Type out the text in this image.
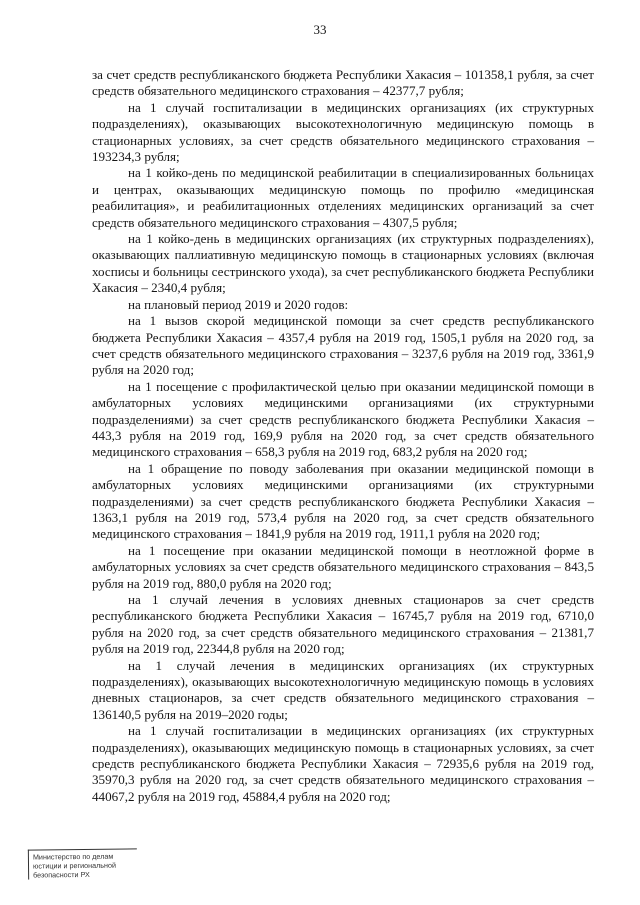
33

за счет средств республиканского бюджета Республики Хакасия – 101358,1 рубля, за счет средств обязательного медицинского страхования – 42377,7 рубля;

на 1 случай госпитализации в медицинских организациях (их структурных подразделениях), оказывающих высокотехнологичную медицинскую помощь в стационарных условиях, за счет средств обязательного медицинского страхования – 193234,3 рубля;

на 1 койко-день по медицинской реабилитации в специализированных больницах и центрах, оказывающих медицинскую помощь по профилю «медицинская реабилитация», и реабилитационных отделениях медицинских организаций за счет средств обязательного медицинского страхования – 4307,5 рубля;

на 1 койко-день в медицинских организациях (их структурных подразделениях), оказывающих паллиативную медицинскую помощь в стационарных условиях (включая хосписы и больницы сестринского ухода), за счет республиканского бюджета Республики Хакасия – 2340,4 рубля;

на плановый период 2019 и 2020 годов:

на 1 вызов скорой медицинской помощи за счет средств республиканского бюджета Республики Хакасия – 4357,4 рубля на 2019 год, 1505,1 рубля на 2020 год, за счет средств обязательного медицинского страхования – 3237,6 рубля на 2019 год, 3361,9 рубля на 2020 год;

на 1 посещение с профилактической целью при оказании медицинской помощи в амбулаторных условиях медицинскими организациями (их структурными подразделениями) за счет средств республиканского бюджета Республики Хакасия – 443,3 рубля на 2019 год, 169,9 рубля на 2020 год, за счет средств обязательного медицинского страхования – 658,3 рубля на 2019 год, 683,2 рубля на 2020 год;

на 1 обращение по поводу заболевания при оказании медицинской помощи в амбулаторных условиях медицинскими организациями (их структурными подразделениями) за счет средств республиканского бюджета Республики Хакасия – 1363,1 рубля на 2019 год, 573,4 рубля на 2020 год, за счет средств обязательного медицинского страхования – 1841,9 рубля на 2019 год, 1911,1 рубля на 2020 год;

на 1 посещение при оказании медицинской помощи в неотложной форме в амбулаторных условиях за счет средств обязательного медицинского страхования – 843,5 рубля на 2019 год, 880,0 рубля на 2020 год;

на 1 случай лечения в условиях дневных стационаров за счет средств республиканского бюджета Республики Хакасия – 16745,7 рубля на 2019 год, 6710,0 рубля на 2020 год, за счет средств обязательного медицинского страхования – 21381,7 рубля на 2019 год, 22344,8 рубля на 2020 год;

на 1 случай лечения в медицинских организациях (их структурных подразделениях), оказывающих высокотехнологичную медицинскую помощь в условиях дневных стационаров, за счет средств обязательного медицинского страхования – 136140,5 рубля на 2019–2020 годы;

на 1 случай госпитализации в медицинских организациях (их структурных подразделениях), оказывающих медицинскую помощь в стационарных условиях, за счет средств республиканского бюджета Республики Хакасия – 72935,6 рубля на 2019 год, 35970,3 рубля на 2020 год, за счет средств обязательного медицинского страхования – 44067,2 рубля на 2019 год, 45884,4 рубля на 2020 год;

Министерство по делам
юстиции и региональной
безопасности РХ
